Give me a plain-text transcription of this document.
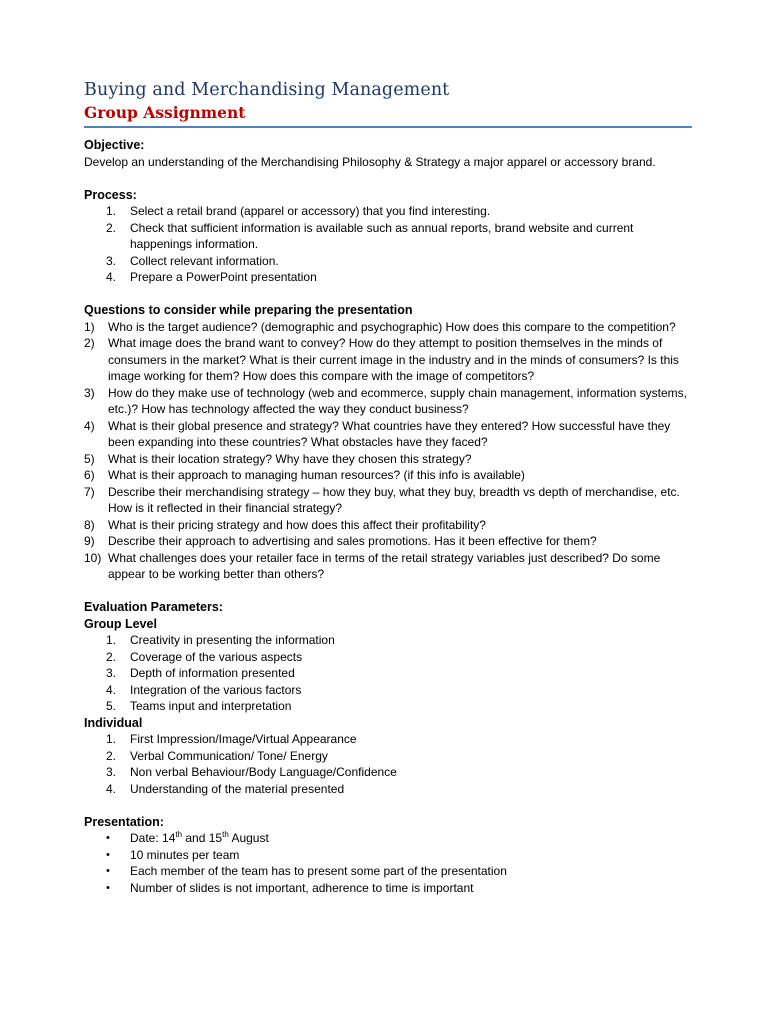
Buying and Merchandising Management
Group Assignment
Objective:
Develop an understanding of the Merchandising Philosophy & Strategy a major apparel or accessory brand.
Process:
1.	Select a retail brand (apparel or accessory) that you find interesting.
2.	Check that sufficient information is available such as annual reports, brand website and current happenings information.
3.	Collect relevant information.
4.	Prepare a PowerPoint presentation
Questions to consider while preparing the presentation
1)	Who is the target audience? (demographic and psychographic) How does this compare to the competition?
2)	What image does the brand want to convey? How do they attempt to position themselves in the minds of consumers in the market? What is their current image in the industry and in the minds of consumers? Is this image working for them? How does this compare with the image of competitors?
3)	How do they make use of technology (web and ecommerce, supply chain management, information systems, etc.)? How has technology affected the way they conduct business?
4)	What is their global presence and strategy? What countries have they entered? How successful have they been expanding into these countries? What obstacles have they faced?
5)	What is their location strategy? Why have they chosen this strategy?
6)	What is their approach to managing human resources? (if this info is available)
7)	Describe their merchandising strategy – how they buy, what they buy, breadth vs depth of merchandise, etc. How is it reflected in their financial strategy?
8)	What is their pricing strategy and how does this affect their profitability?
9)	Describe their approach to advertising and sales promotions. Has it been effective for them?
10) What challenges does your retailer face in terms of the retail strategy variables just described? Do some appear to be working better than others?
Evaluation Parameters:
Group Level
1.	Creativity in presenting the information
2.	Coverage of the various aspects
3.	Depth of information presented
4.	Integration of the various factors
5.	Teams input and interpretation
Individual
1.	First Impression/Image/Virtual Appearance
2.	Verbal Communication/ Tone/ Energy
3.	Non verbal Behaviour/Body Language/Confidence
4.	Understanding of the material presented
Presentation:
•	Date: 14th and 15th August
•	10 minutes per team
•	Each member of the team has to present some part of the presentation
•	Number of slides is not important, adherence to time is important
